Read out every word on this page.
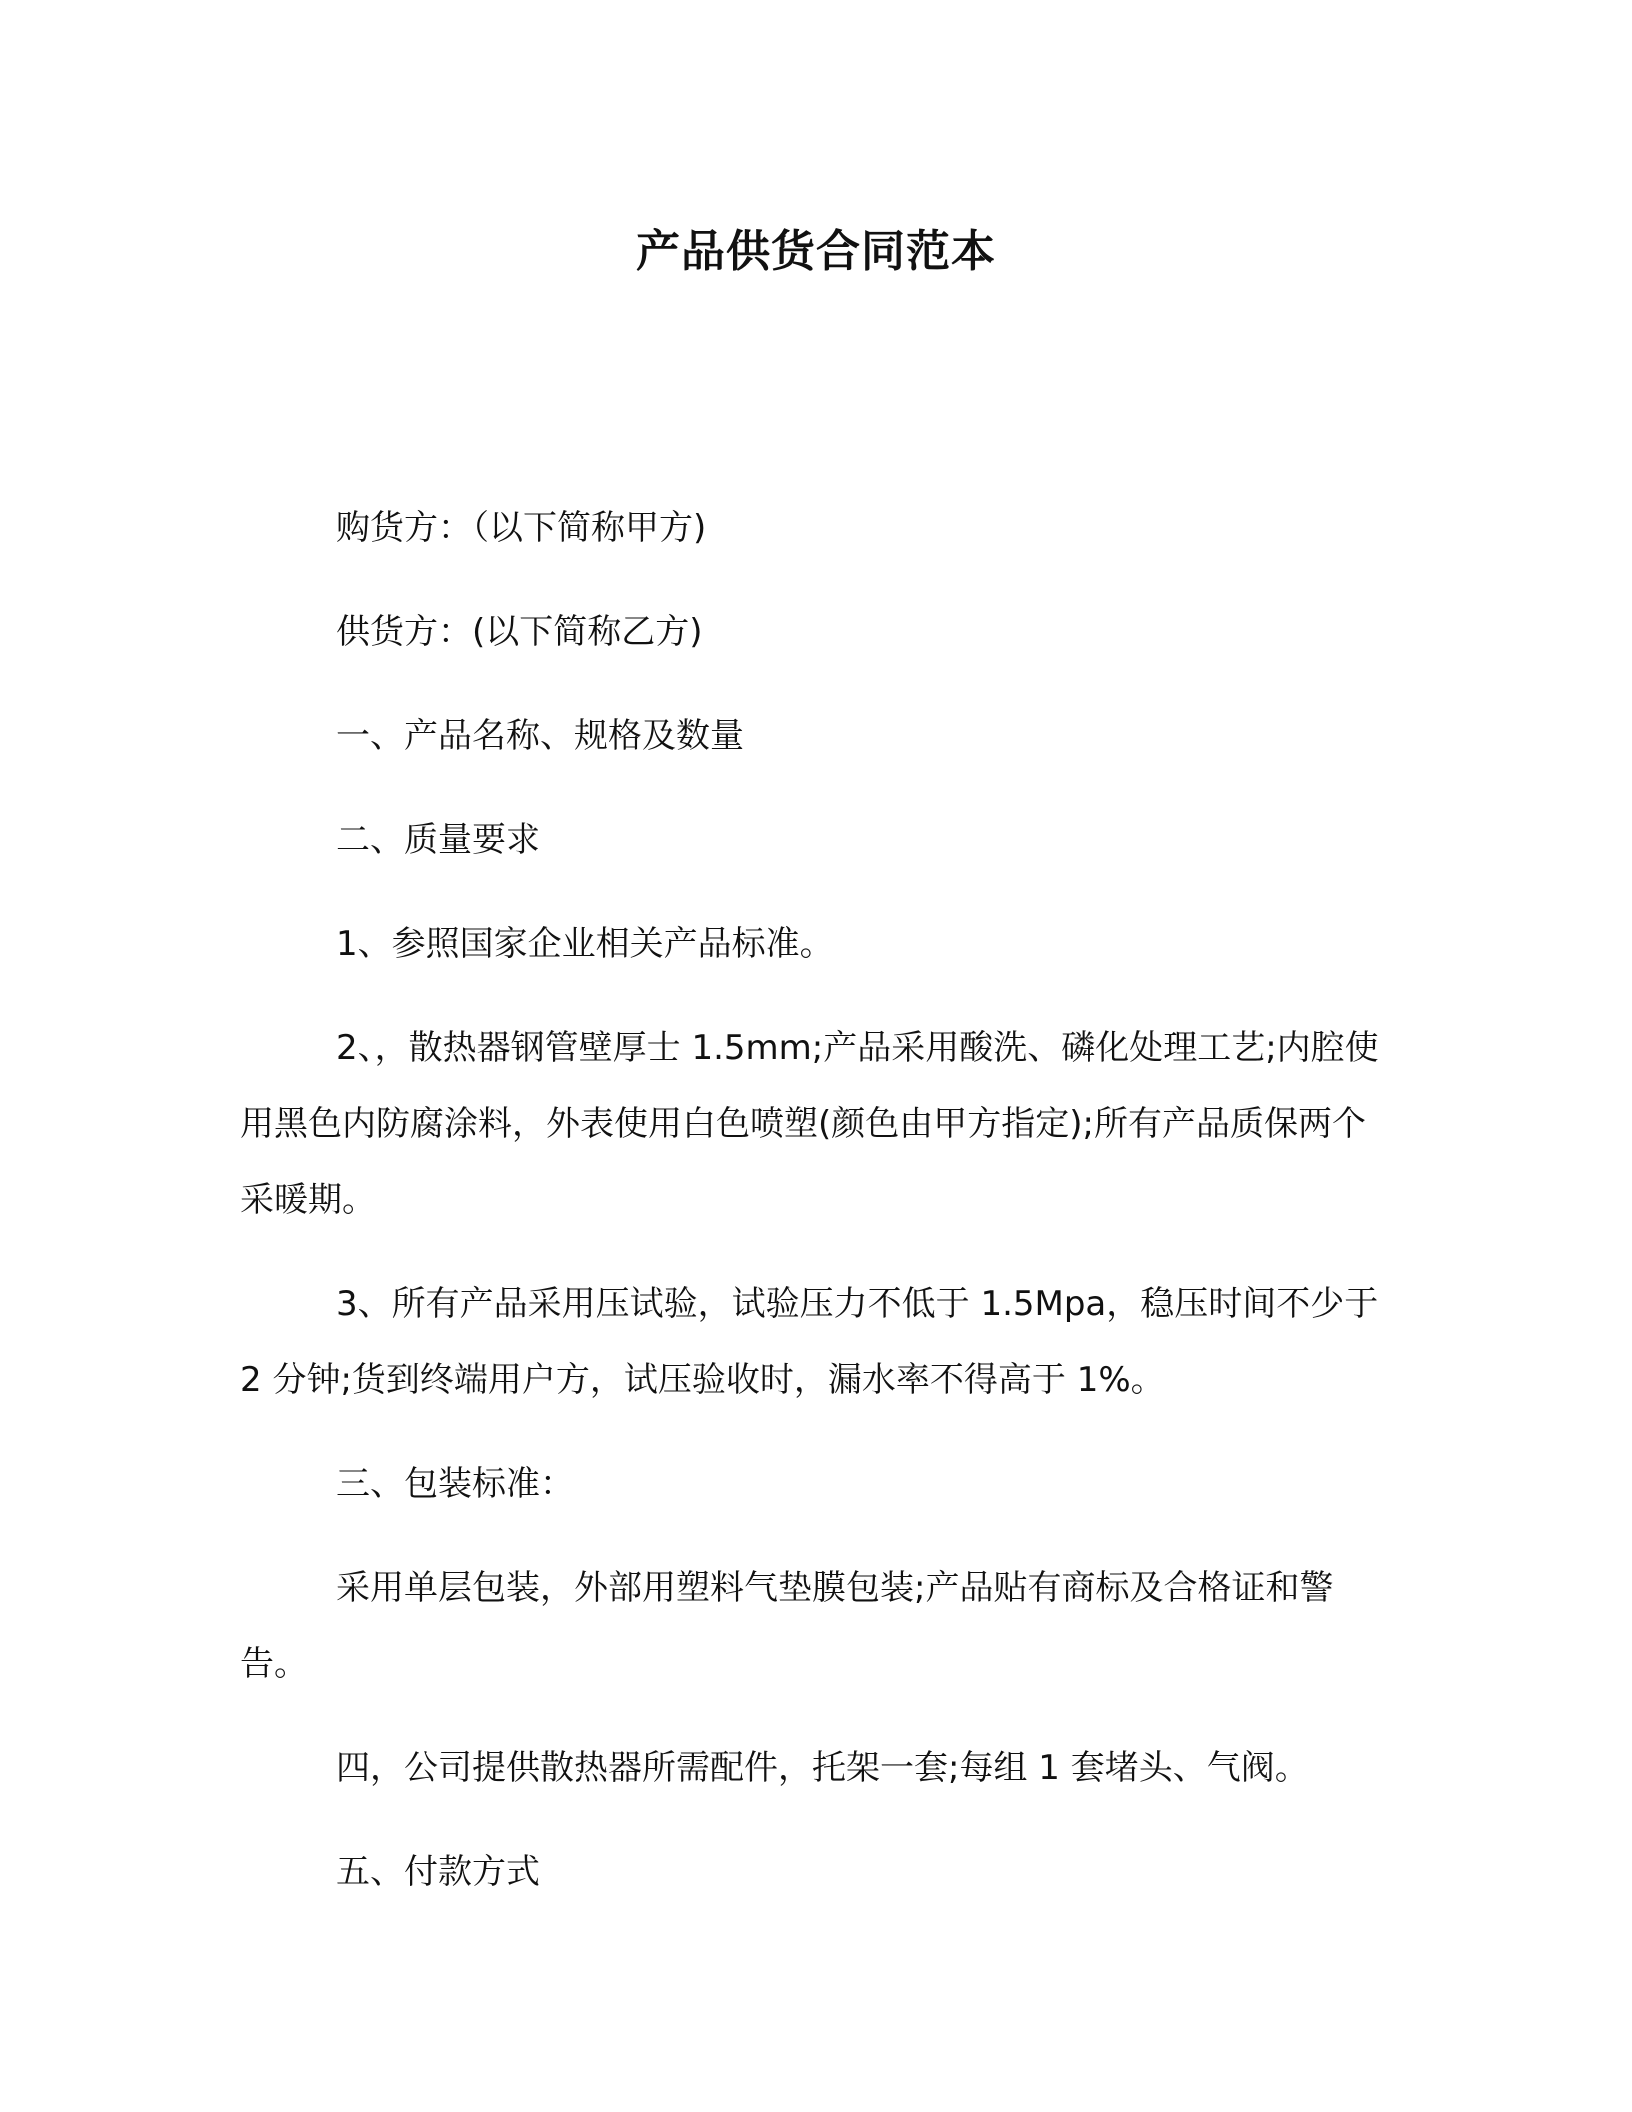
产品供货合同范本

购货方：（以下简称甲方)

供货方：(以下简称乙方)

一、产品名称、规格及数量

二、质量要求

1、参照国家企业相关产品标准。

2、，散热器钢管壁厚士 1.5mm;产品采用酸洗、磷化处理工艺;内腔使用黑色内防腐涂料，外表使用白色喷塑(颜色由甲方指定);所有产品质保两个采暖期。

3、所有产品采用压试验，试验压力不低于 1.5Mpa，稳压时间不少于 2 分钟;货到终端用户方，试压验收时，漏水率不得高于 1%。

三、包装标准：

采用单层包装，外部用塑料气垫膜包装;产品贴有商标及合格证和警告。

四，公司提供散热器所需配件，托架一套;每组 1 套堵头、气阀。

五、付款方式
